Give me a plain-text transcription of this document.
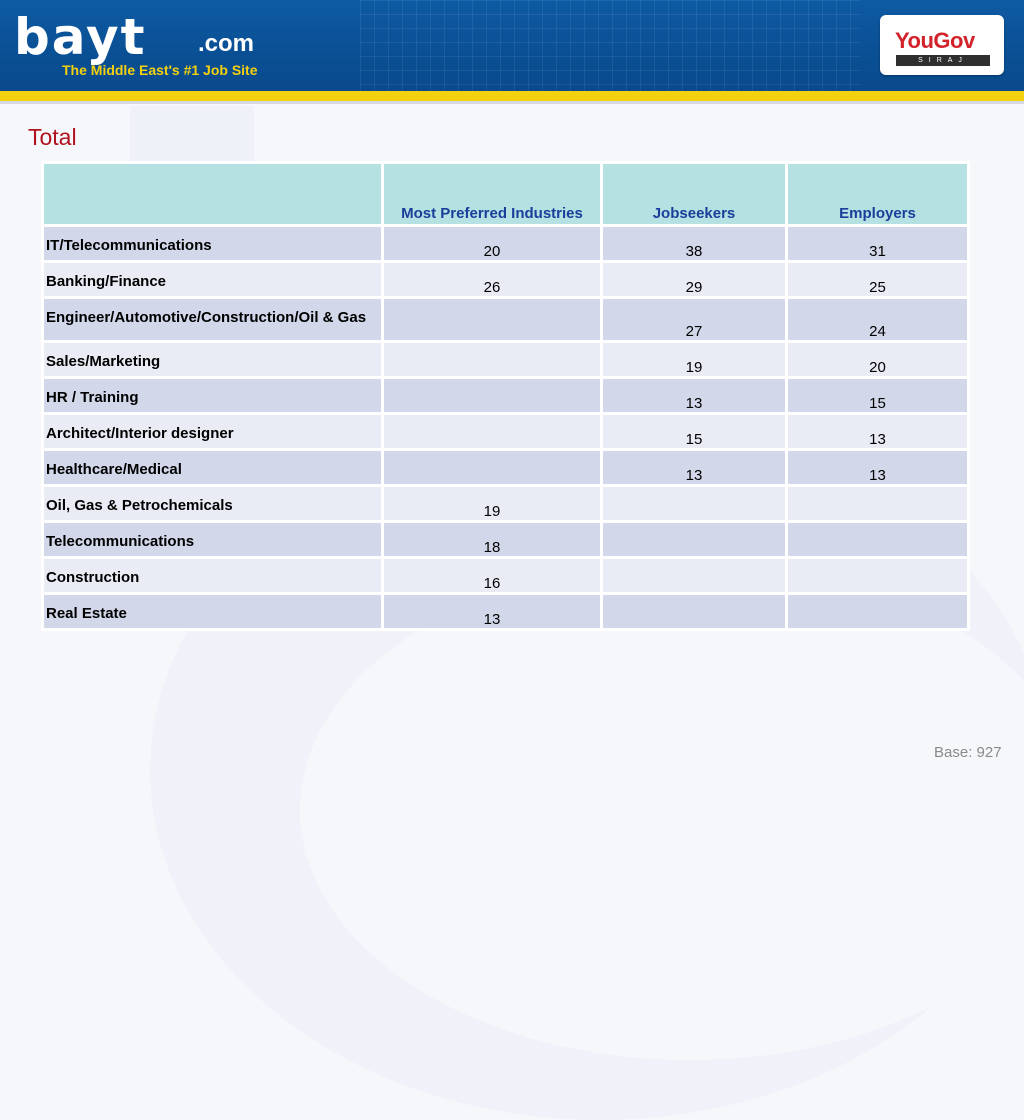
bayt .com
The Middle East's #1 Job Site
YouGov
SIRAJ
Total
	Most Preferred Industries	Jobseekers	Employers
IT/Telecommunications	20	38	31
Banking/Finance	26	29	25
Engineer/Automotive/Construction/Oil & Gas		27	24
Sales/Marketing		19	20
HR / Training		13	15
Architect/Interior designer		15	13
Healthcare/Medical		13	13
Oil, Gas & Petrochemicals	19		
Telecommunications	18		
Construction	16		
Real Estate	13		
Base: 927
